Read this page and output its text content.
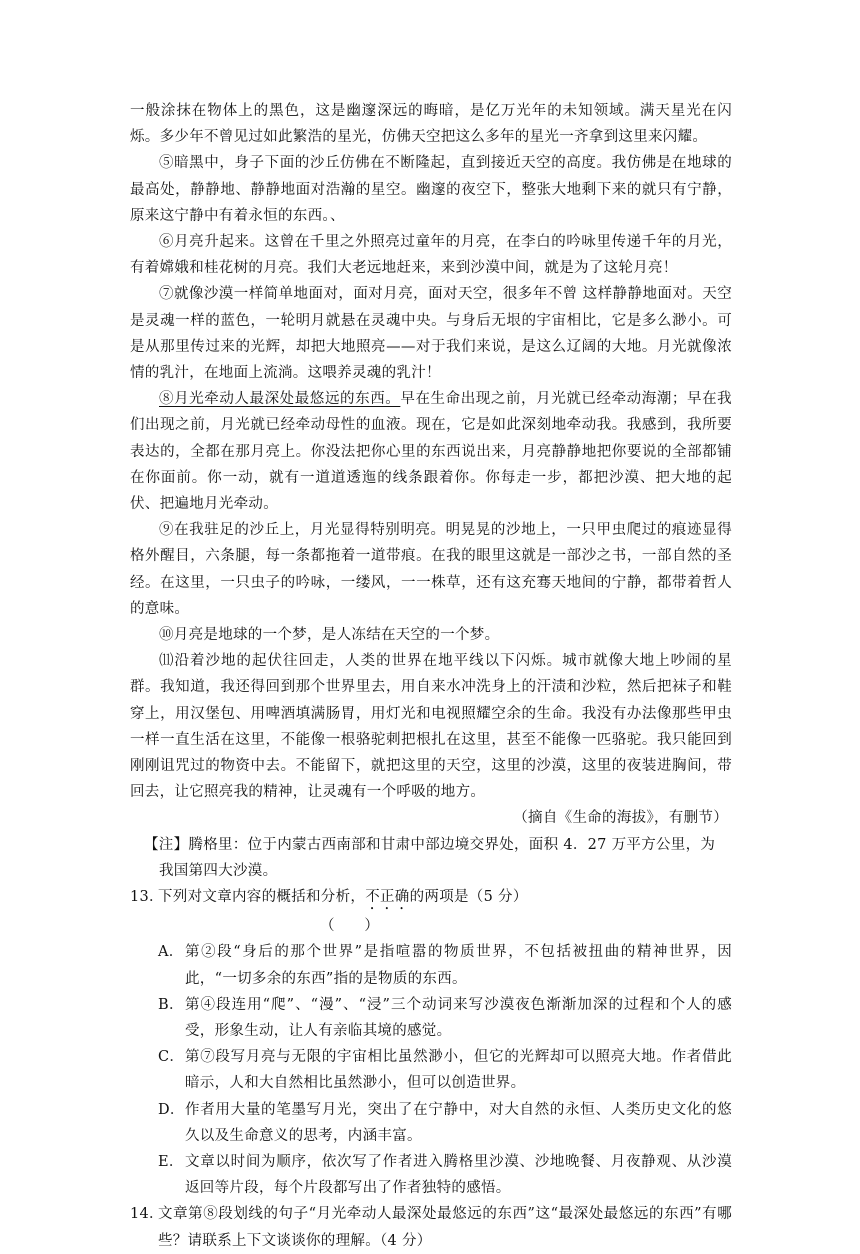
一般涂抹在物体上的黑色，这是幽邃深远的晦暗，是亿万光年的未知领域。满天星光在闪烁。多少年不曾见过如此繁浩的星光，仿佛天空把这么多年的星光一齐拿到这里来闪耀。

⑤暗黑中，身子下面的沙丘仿佛在不断隆起，直到接近天空的高度。我仿佛是在地球的最高处，静静地、静静地面对浩瀚的星空。幽邃的夜空下，整张大地剩下来的就只有宁静，原来这宁静中有着永恒的东西。、

⑥月亮升起来。这曾在千里之外照亮过童年的月亮，在李白的吟咏里传递千年的月光，有着嫦娥和桂花树的月亮。我们大老远地赶来，来到沙漠中间，就是为了这轮月亮！

⑦就像沙漠一样简单地面对，面对月亮，面对天空，很多年不曾 这样静静地面对。天空是灵魂一样的蓝色，一轮明月就悬在灵魂中央。与身后无垠的宇宙相比，它是多么渺小。可是从那里传过来的光辉，却把大地照亮——对于我们来说，是这么辽阔的大地。月光就像浓情的乳汁，在地面上流淌。这喂养灵魂的乳汁！

⑧月光牵动人最深处最悠远的东西。早在生命出现之前，月光就已经牵动海潮；早在我们出现之前，月光就已经牵动母性的血液。现在，它是如此深刻地牵动我。我感到，我所要表达的，全都在那月亮上。你没法把你心里的东西说出来，月亮静静地把你要说的全部都铺在你面前。你一动，就有一道道透迤的线条跟着你。你每走一步，都把沙漠、把大地的起伏、把遍地月光牵动。

⑨在我驻足的沙丘上，月光显得特别明亮。明晃晃的沙地上，一只甲虫爬过的痕迹显得格外醒目，六条腿，每一条都拖着一道带痕。在我的眼里这就是一部沙之书，一部自然的圣经。在这里，一只虫子的吟咏，一缕风，一一株草，还有这充骞天地间的宁静，都带着哲人的意味。

⑩月亮是地球的一个梦，是人冻结在天空的一个梦。

⑾沿着沙地的起伏往回走，人类的世界在地平线以下闪烁。城市就像大地上吵闹的星群。我知道，我还得回到那个世界里去，用自来水冲洗身上的汗渍和沙粒，然后把袜子和鞋穿上，用汉堡包、用啤酒填满肠胃，用灯光和电视照耀空余的生命。我没有办法像那些甲虫一样一直生活在这里，不能像一根骆驼刺把根扎在这里，甚至不能像一匹骆驼。我只能回到刚刚诅咒过的物资中去。不能留下，就把这里的天空，这里的沙漠，这里的夜装进胸间，带回去，让它照亮我的精神，让灵魂有一个呼吸的地方。

（摘自《生命的海拔》，有删节）

【注】腾格里：位于内蒙古西南部和甘肃中部边境交界处，面积 4．27 万平方公里，为
我国第四大沙漠。

13．
下列对文章内容的概括和分析，不正确的两项是（5 分）
（　　）
A． 第②段“身后的那个世界”是指喧嚣的物质世界，不包括被扭曲的精神世界，因此，“一切多余的东西”指的是物质的东西。
B． 第④段连用“爬”、“漫”、“浸”三个动词来写沙漠夜色渐渐加深的过程和个人的感受，形象生动，让人有亲临其境的感觉。
C． 第⑦段写月亮与无限的宇宙相比虽然渺小，但它的光辉却可以照亮大地。作者借此暗示，人和大自然相比虽然渺小，但可以创造世界。
D． 作者用大量的笔墨写月光，突出了在宁静中，对大自然的永恒、人类历史文化的悠久以及生命意义的思考，内涵丰富。
E． 文章以时间为顺序，依次写了作者进入腾格里沙漠、沙地晚餐、月夜静观、从沙漠返回等片段，每个片段都写出了作者独特的感悟。
14．
文章第⑧段划线的句子“月光牵动人最深处最悠远的东西”这“最深处最悠远的东西”有哪些？请联系上下文谈谈你的理解。（4 分）
